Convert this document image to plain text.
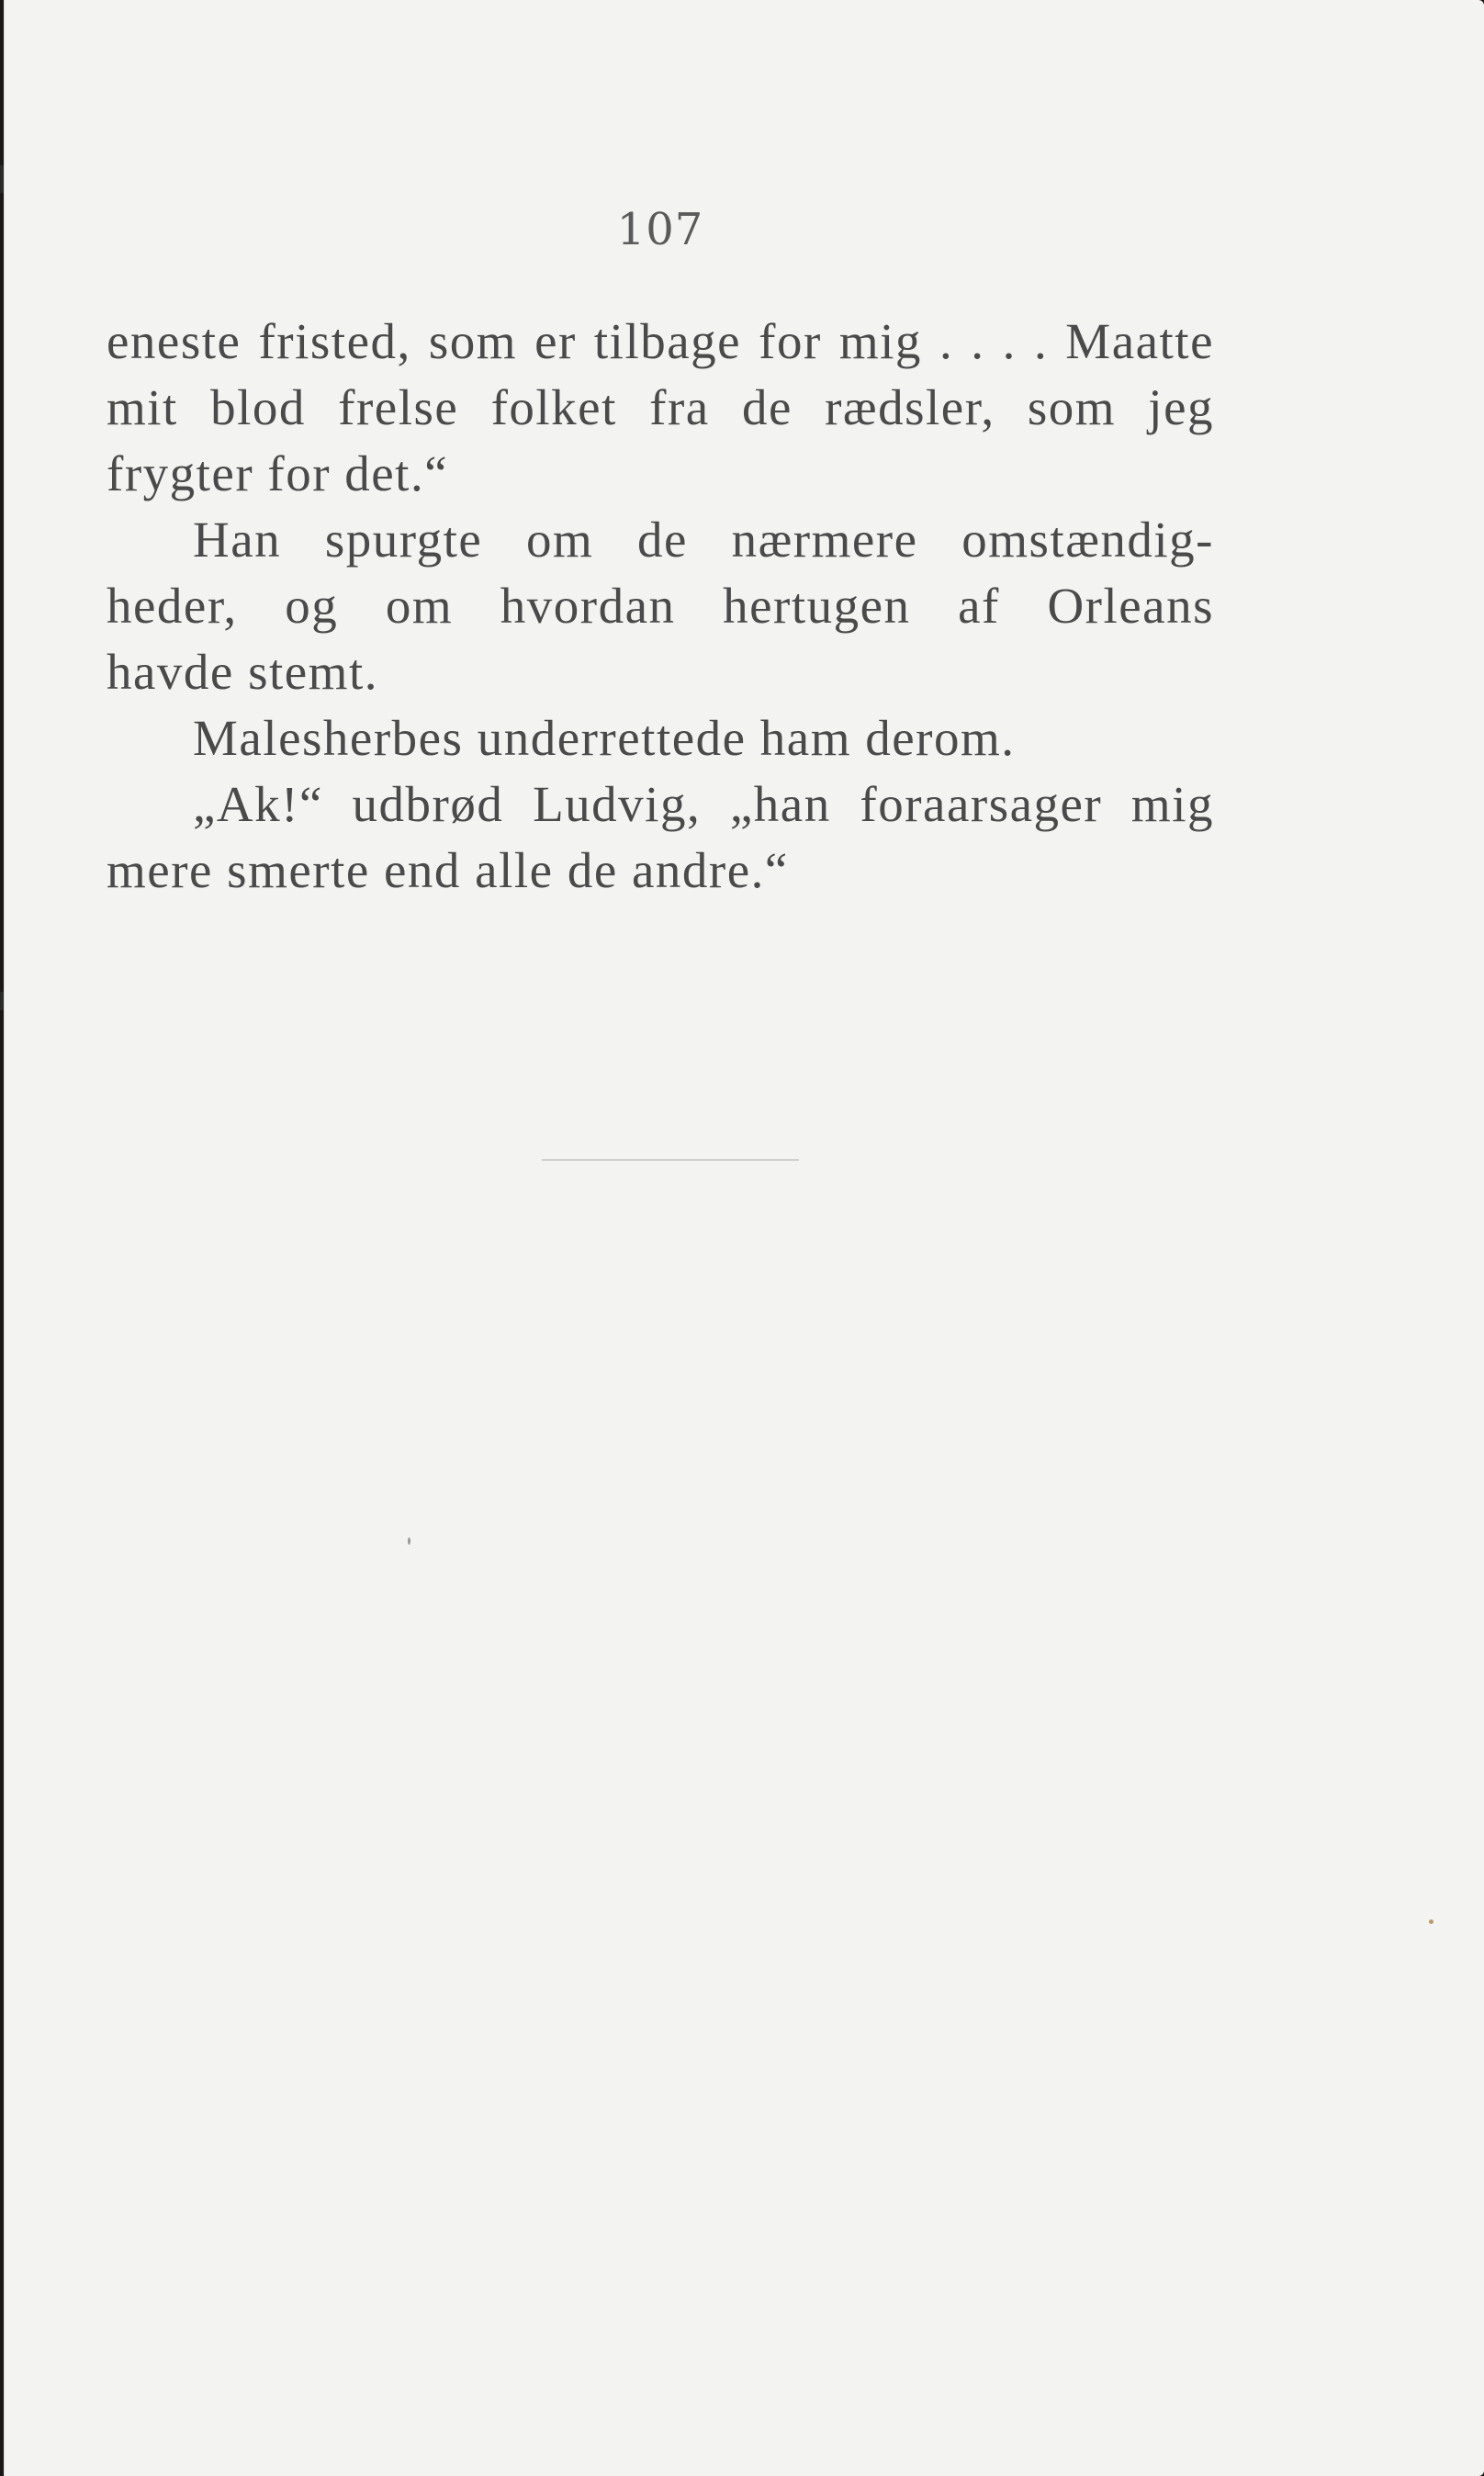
107
eneste fristed, som er tilbage for mig . . . . Maatte
mit blod frelse folket fra de rædsler, som jeg
frygter for det.“
Han spurgte om de nærmere omstændig-
heder, og om hvordan hertugen af Orleans
havde stemt.
Malesherbes underrettede ham derom.
„Ak!“ udbrød Ludvig, „han foraarsager mig
mere smerte end alle de andre.“
